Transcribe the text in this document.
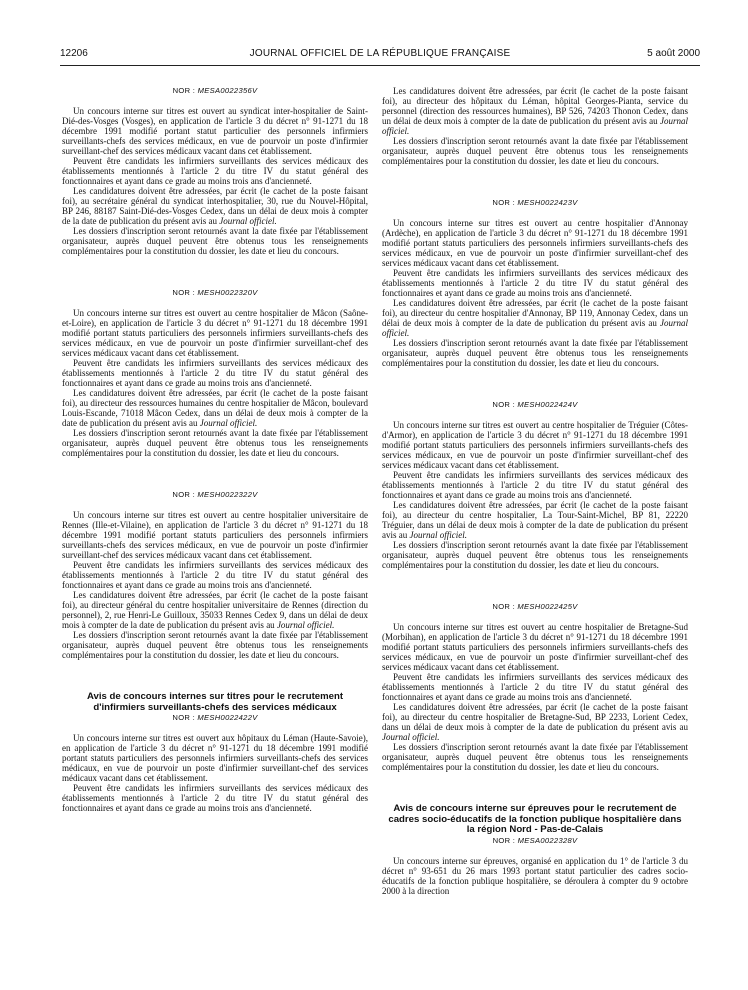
12206	JOURNAL OFFICIEL DE LA RÉPUBLIQUE FRANÇAISE	5 août 2000
NOR : MESA0022356V

Un concours interne sur titres est ouvert au syndicat inter-hospitalier de Saint-Dié-des-Vosges (Vosges), en application de l'article 3 du décret n° 91-1271 du 18 décembre 1991 modifié portant statut particulier des personnels infirmiers surveillants-chefs des services médicaux, en vue de pourvoir un poste d'infirmier surveillant-chef des services médicaux vacant dans cet établissement.

Peuvent être candidats les infirmiers surveillants des services médicaux des établissements mentionnés à l'article 2 du titre IV du statut général des fonctionnaires et ayant dans ce grade au moins trois ans d'ancienneté.

Les candidatures doivent être adressées, par écrit (le cachet de la poste faisant foi), au secrétaire général du syndicat interhospitalier, 30, rue du Nouvel-Hôpital, BP 246, 88187 Saint-Dié-des-Vosges Cedex, dans un délai de deux mois à compter de la date de publication du présent avis au Journal officiel.

Les dossiers d'inscription seront retournés avant la date fixée par l'établissement organisateur, auprès duquel peuvent être obtenus tous les renseignements complémentaires pour la constitution du dossier, les date et lieu du concours.

NOR : MESH0022320V

Un concours interne sur titres est ouvert au centre hospitalier de Mâcon (Saône-et-Loire), en application de l'article 3 du décret n° 91-1271 du 18 décembre 1991 modifié portant statuts particuliers des personnels infirmiers surveillants-chefs des services médicaux, en vue de pourvoir un poste d'infirmier surveillant-chef des services médicaux vacant dans cet établissement.

Peuvent être candidats les infirmiers surveillants des services médicaux des établissements mentionnés à l'article 2 du titre IV du statut général des fonctionnaires et ayant dans ce grade au moins trois ans d'ancienneté.

Les candidatures doivent être adressées, par écrit (le cachet de la poste faisant foi), au directeur des ressources humaines du centre hospitalier de Mâcon, boulevard Louis-Escande, 71018 Mâcon Cedex, dans un délai de deux mois à compter de la date de publication du présent avis au Journal officiel.

Les dossiers d'inscription seront retournés avant la date fixée par l'établissement organisateur, auprès duquel peuvent être obtenus tous les renseignements complémentaires pour la constitution du dossier, les date et lieu du concours.

NOR : MESH0022322V

Un concours interne sur titres est ouvert au centre hospitalier universitaire de Rennes (Ille-et-Vilaine), en application de l'article 3 du décret n° 91-1271 du 18 décembre 1991 modifié portant statuts particuliers des personnels infirmiers surveillants-chefs des services médicaux, en vue de pourvoir un poste d'infirmier surveillant-chef des services médicaux vacant dans cet établissement.

Peuvent être candidats les infirmiers surveillants des services médicaux des établissements mentionnés à l'article 2 du titre IV du statut général des fonctionnaires et ayant dans ce grade au moins trois ans d'ancienneté.

Les candidatures doivent être adressées, par écrit (le cachet de la poste faisant foi), au directeur général du centre hospitalier universitaire de Rennes (direction du personnel), 2, rue Henri-Le Guilloux, 35033 Rennes Cedex 9, dans un délai de deux mois à compter de la date de publication du présent avis au Journal officiel.

Les dossiers d'inscription seront retournés avant la date fixée par l'établissement organisateur, auprès duquel peuvent être obtenus tous les renseignements complémentaires pour la constitution du dossier, les date et lieu du concours.

Avis de concours internes sur titres pour le recrutement d'infirmiers surveillants-chefs des services médicaux
NOR : MESH0022422V

Un concours interne sur titres est ouvert aux hôpitaux du Léman (Haute-Savoie), en application de l'article 3 du décret n° 91-1271 du 18 décembre 1991 modifié portant statuts particuliers des personnels infirmiers surveillants-chefs des services médicaux, en vue de pourvoir un poste d'infirmier surveillant-chef des services médicaux vacant dans cet établissement.

Peuvent être candidats les infirmiers surveillants des services médicaux des établissements mentionnés à l'article 2 du titre IV du statut général des fonctionnaires et ayant dans ce grade au moins trois ans d'ancienneté.

Les candidatures doivent être adressées, par écrit (le cachet de la poste faisant foi), au directeur des hôpitaux du Léman, hôpital Georges-Pianta, service du personnel (direction des ressources humaines), BP 526, 74203 Thonon Cedex, dans un délai de deux mois à compter de la date de publication du présent avis au Journal officiel.

Les dossiers d'inscription seront retournés avant la date fixée par l'établissement organisateur, auprès duquel peuvent être obtenus tous les renseignements complémentaires pour la constitution du dossier, les date et lieu du concours.

NOR : MESH0022423V

Un concours interne sur titres est ouvert au centre hospitalier d'Annonay (Ardèche), en application de l'article 3 du décret n° 91-1271 du 18 décembre 1991 modifié portant statuts particuliers des personnels infirmiers surveillants-chefs des services médicaux, en vue de pourvoir un poste d'infirmier surveillant-chef des services médicaux vacant dans cet établissement.

Peuvent être candidats les infirmiers surveillants des services médicaux des établissements mentionnés à l'article 2 du titre IV du statut général des fonctionnaires et ayant dans ce grade au moins trois ans d'ancienneté.

Les candidatures doivent être adressées, par écrit (le cachet de la poste faisant foi), au directeur du centre hospitalier d'Annonay, BP 119, Annonay Cedex, dans un délai de deux mois à compter de la date de publication du présent avis au Journal officiel.

Les dossiers d'inscription seront retournés avant la date fixée par l'établissement organisateur, auprès duquel peuvent être obtenus tous les renseignements complémentaires pour la constitution du dossier, les date et lieu du concours.

NOR : MESH0022424V

Un concours interne sur titres est ouvert au centre hospitalier de Tréguier (Côtes-d'Armor), en application de l'article 3 du décret n° 91-1271 du 18 décembre 1991 modifié portant statuts particuliers des personnels infirmiers surveillants-chefs des services médicaux, en vue de pourvoir un poste d'infirmier surveillant-chef des services médicaux vacant dans cet établissement.

Peuvent être candidats les infirmiers surveillants des services médicaux des établissements mentionnés à l'article 2 du titre IV du statut général des fonctionnaires et ayant dans ce grade au moins trois ans d'ancienneté.

Les candidatures doivent être adressées, par écrit (le cachet de la poste faisant foi), au directeur du centre hospitalier, La Tour-Saint-Michel, BP 81, 22220 Tréguier, dans un délai de deux mois à compter de la date de publication du présent avis au Journal officiel.

Les dossiers d'inscription seront retournés avant la date fixée par l'établissement organisateur, auprès duquel peuvent être obtenus tous les renseignements complémentaires pour la constitution du dossier, les date et lieu du concours.

NOR : MESH0022425V

Un concours interne sur titres est ouvert au centre hospitalier de Bretagne-Sud (Morbihan), en application de l'article 3 du décret n° 91-1271 du 18 décembre 1991 modifié portant statuts particuliers des personnels infirmiers surveillants-chefs des services médicaux, en vue de pourvoir un poste d'infirmier surveillant-chef des services médicaux vacant dans cet établissement.

Peuvent être candidats les infirmiers surveillants des services médicaux des établissements mentionnés à l'article 2 du titre IV du statut général des fonctionnaires et ayant dans ce grade au moins trois ans d'ancienneté.

Les candidatures doivent être adressées, par écrit (le cachet de la poste faisant foi), au directeur du centre hospitalier de Bretagne-Sud, BP 2233, Lorient Cedex, dans un délai de deux mois à compter de la date de publication du présent avis au Journal officiel.

Les dossiers d'inscription seront retournés avant la date fixée par l'établissement organisateur, auprès duquel peuvent être obtenus tous les renseignements complémentaires pour la constitution du dossier, les date et lieu du concours.

Avis de concours interne sur épreuves pour le recrutement de cadres socio-éducatifs de la fonction publique hospitalière dans la région Nord - Pas-de-Calais
NOR : MESA0022328V

Un concours interne sur épreuves, organisé en application du 1° de l'article 3 du décret n° 93-651 du 26 mars 1993 portant statut particulier des cadres socio-éducatifs de la fonction publique hospitalière, se déroulera à compter du 9 octobre 2000 à la direction
